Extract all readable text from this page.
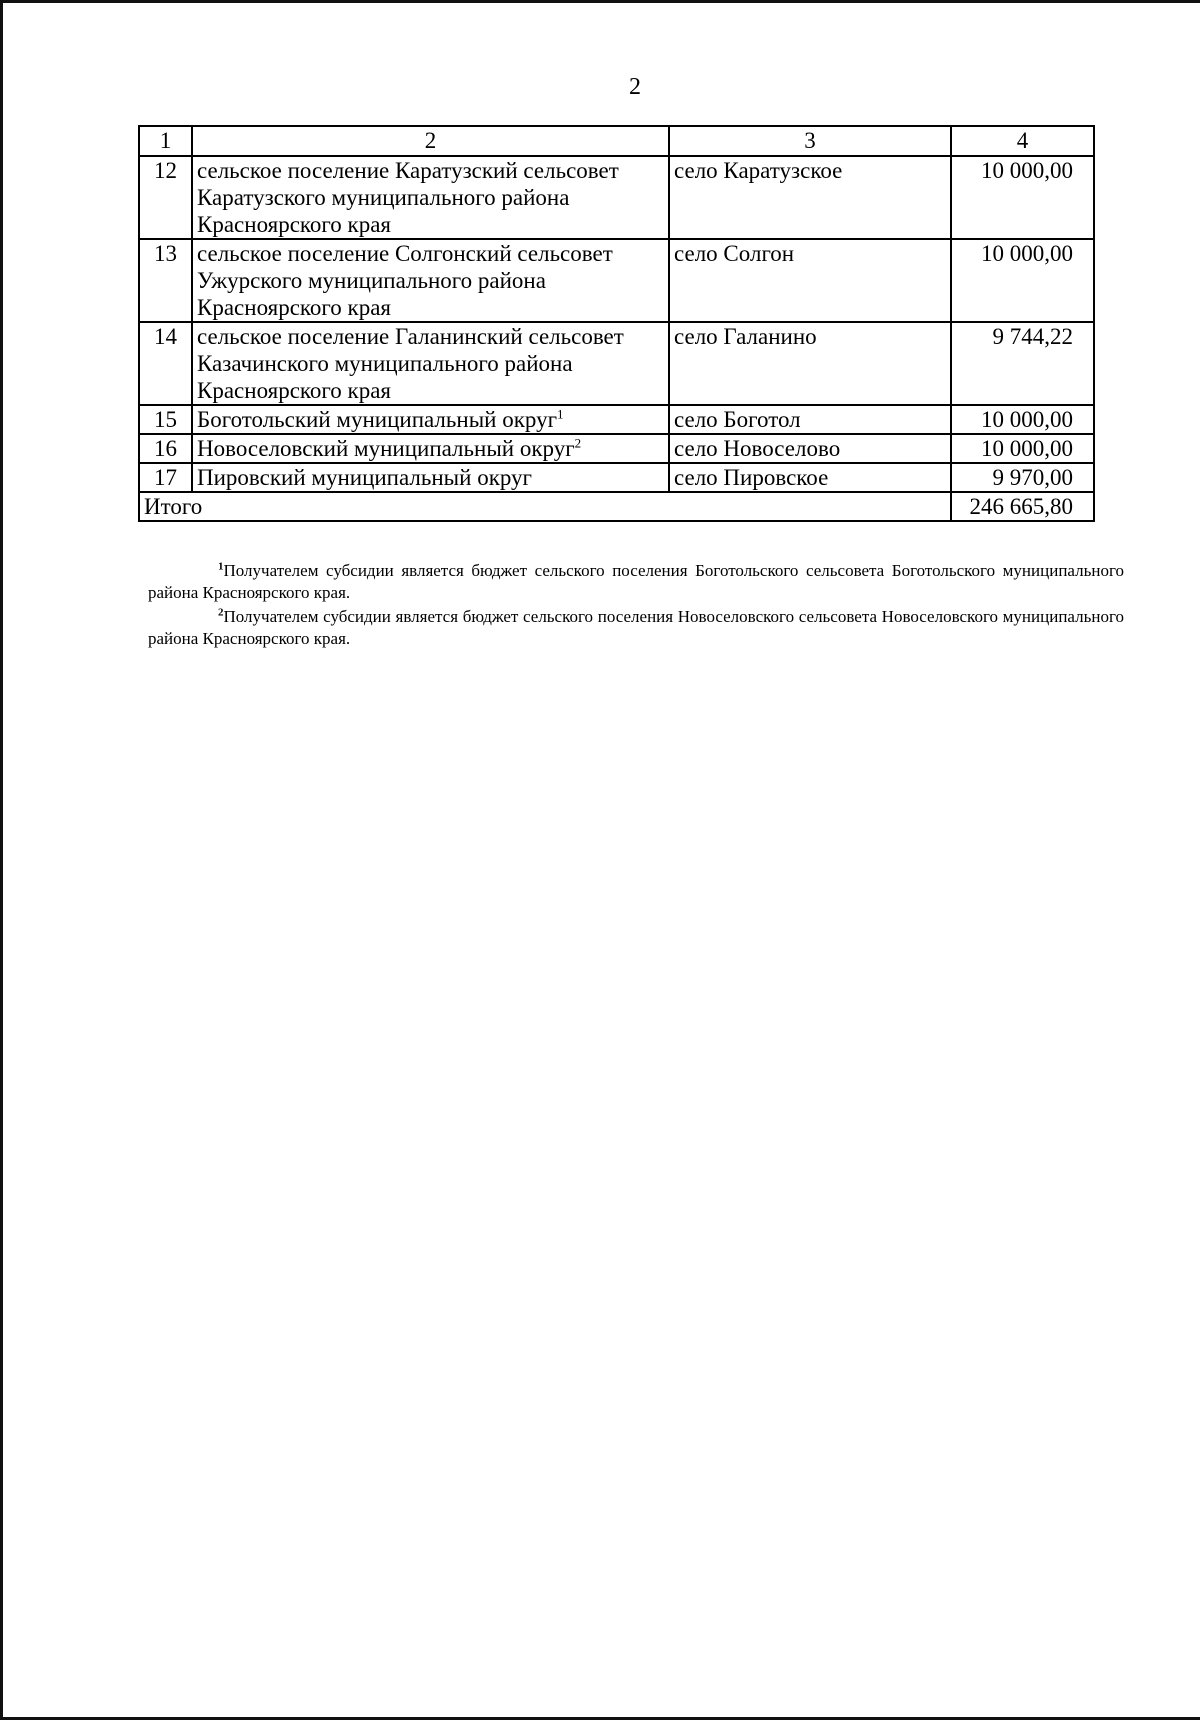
2
1	2	3	4
12	сельское поселение Каратузский сельсовет Каратузского муниципального района Красноярского края	село Каратузское	10 000,00
13	сельское поселение Солгонский сельсовет Ужурского муниципального района Красноярского края	село Солгон	10 000,00
14	сельское поселение Галанинский сельсовет Казачинского муниципального района Красноярского края	село Галанино	9 744,22
15	Боготольский муниципальный округ$^1$	село Боготол	10 000,00
16	Новоселовский муниципальный округ$^2$	село Новоселово	10 000,00
17	Пировский муниципальный округ	село Пировское	9 970,00
Итого			246 665,80

$^1$Получателем субсидии является бюджет сельского поселения Боготольского сельсовета Боготольского муниципального района Красноярского края.

$^2$Получателем субсидии является бюджет сельского поселения Новоселовского сельсовета Новоселовского муниципального района Красноярского края.
